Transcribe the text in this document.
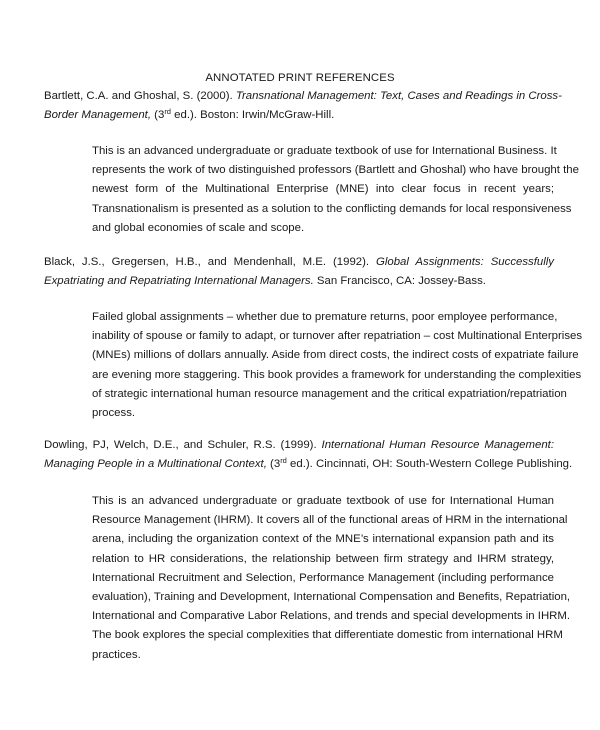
ANNOTATED PRINT REFERENCES
Bartlett, C.A. and Ghoshal, S. (2000). Transnational Management: Text, Cases and Readings in Cross-
Border Management, (3rd ed.). Boston: Irwin/McGraw-Hill.
This is an advanced undergraduate or graduate textbook of use for International Business. It
represents the work of two distinguished professors (Bartlett and Ghoshal) who have brought the
newest form of the Multinational Enterprise (MNE) into clear focus in recent years;
Transnationalism is presented as a solution to the conflicting demands for local responsiveness
and global economies of scale and scope.
Black, J.S., Gregersen, H.B., and Mendenhall, M.E. (1992). Global Assignments: Successfully
Expatriating and Repatriating International Managers. San Francisco, CA: Jossey-Bass.
Failed global assignments – whether due to premature returns, poor employee performance,
inability of spouse or family to adapt, or turnover after repatriation – cost Multinational Enterprises
(MNEs) millions of dollars annually. Aside from direct costs, the indirect costs of expatriate failure
are evening more staggering. This book provides a framework for understanding the complexities
of strategic international human resource management and the critical expatriation/repatriation
process.
Dowling, PJ, Welch, D.E., and Schuler, R.S. (1999). International Human Resource Management:
Managing People in a Multinational Context, (3rd ed.). Cincinnati, OH: South-Western College Publishing.
This is an advanced undergraduate or graduate textbook of use for International Human
Resource Management (IHRM). It covers all of the functional areas of HRM in the international
arena, including the organization context of the MNE’s international expansion path and its
relation to HR considerations, the relationship between firm strategy and IHRM strategy,
International Recruitment and Selection, Performance Management (including performance
evaluation), Training and Development, International Compensation and Benefits, Repatriation,
International and Comparative Labor Relations, and trends and special developments in IHRM.
The book explores the special complexities that differentiate domestic from international HRM
practices.
